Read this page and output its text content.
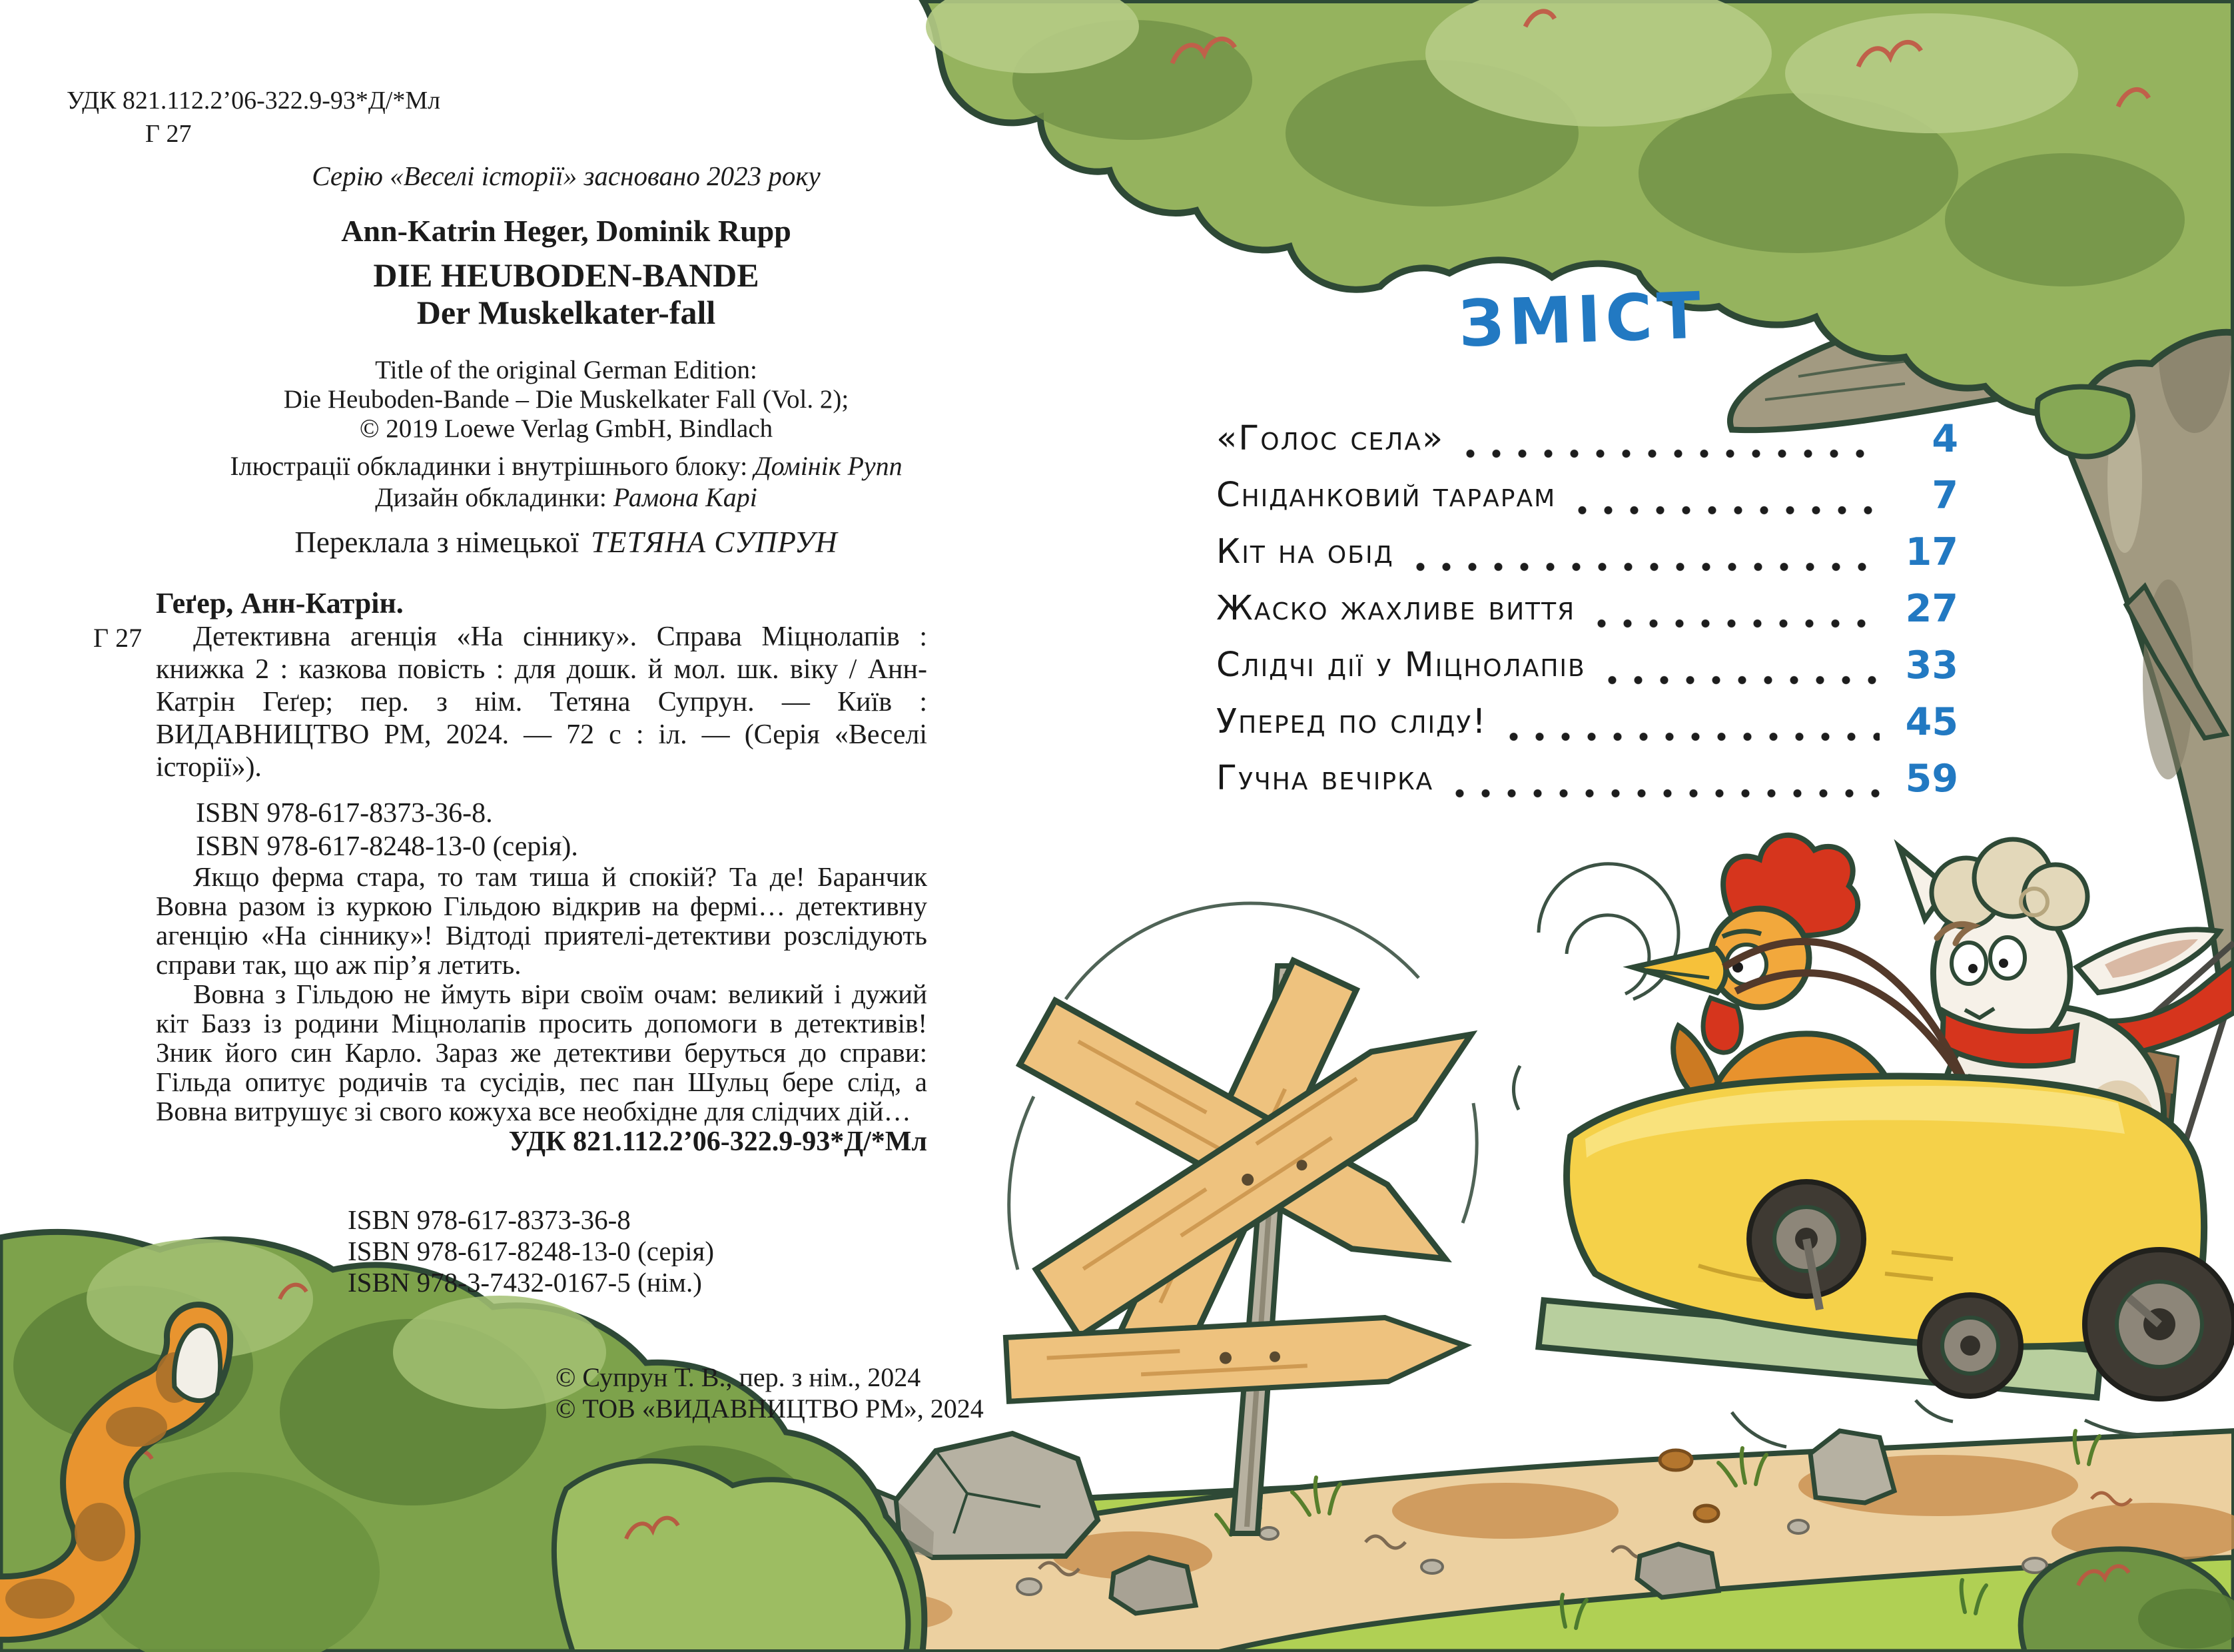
УДК 821.112.2’06-322.9-93*Д/*Мл
Г 27
Серію «Веселі історії» засновано 2023 року
Ann-Katrin Heger, Dominik Rupp
DIE HEUBODEN-BANDE
Der Muskelkater-fall
Title of the original German Edition:
Die Heuboden-Bande – Die Muskelkater Fall (Vol. 2);
© 2019 Loewe Verlag GmbH, Bindlach
Ілюстрації обкладинки і внутрішнього блоку: Домінік Рупп
Дизайн обкладинки: Рамона Карі
Переклала з німецької ТЕТЯНА СУПРУН
Геґер, Анн-Катрін.
Г 27	Детективна агенція «На сіннику». Справа Міцнолапів : книжка 2 : казкова повість : для дошк. й мол. шк. віку / Анн-Катрін Геґер; пер. з нім. Тетяна Супрун. — Київ : ВИДАВНИЦТВО РМ, 2024. — 72 с : іл. — (Серія «Веселі історії»).
ISBN 978-617-8373-36-8.
ISBN 978-617-8248-13-0 (серія).

Якщо ферма стара, то там тиша й спокій? Та де! Баранчик Вовна разом із куркою Гільдою відкрив на фермі… детективну агенцію «На сіннику»! Відтоді приятелі-детективи розслідують справи так, що аж пір’я летить.

Вовна з Гільдою не ймуть віри своїм очам: великий і дужий кіт Базз із родини Міцнолапів просить допомоги в детективів! Зник його син Карло. Зараз же детективи беруться до справи: Гільда опитує родичів та сусідів, пес пан Шульц бере слід, а Вовна витрушує зі свого кожуха все необхідне для слідчих дій…

УДК 821.112.2’06-322.9-93*Д/*Мл
ISBN 978-617-8373-36-8
ISBN 978-617-8248-13-0 (серія)
ISBN 978-3-7432-0167-5 (нім.)
© Супрун Т. В., пер. з нім., 2024
© ТОВ «ВИДАВНИЦТВО РМ», 2024
ЗМІСТ
«Голос села»	4
Сніданковий тарарам	7
Кіт на обід	17
Жаско жахливе виття	27
Слідчі дії у Міцнолапів	33
Уперед по сліду!	45
Гучна вечірка	59
